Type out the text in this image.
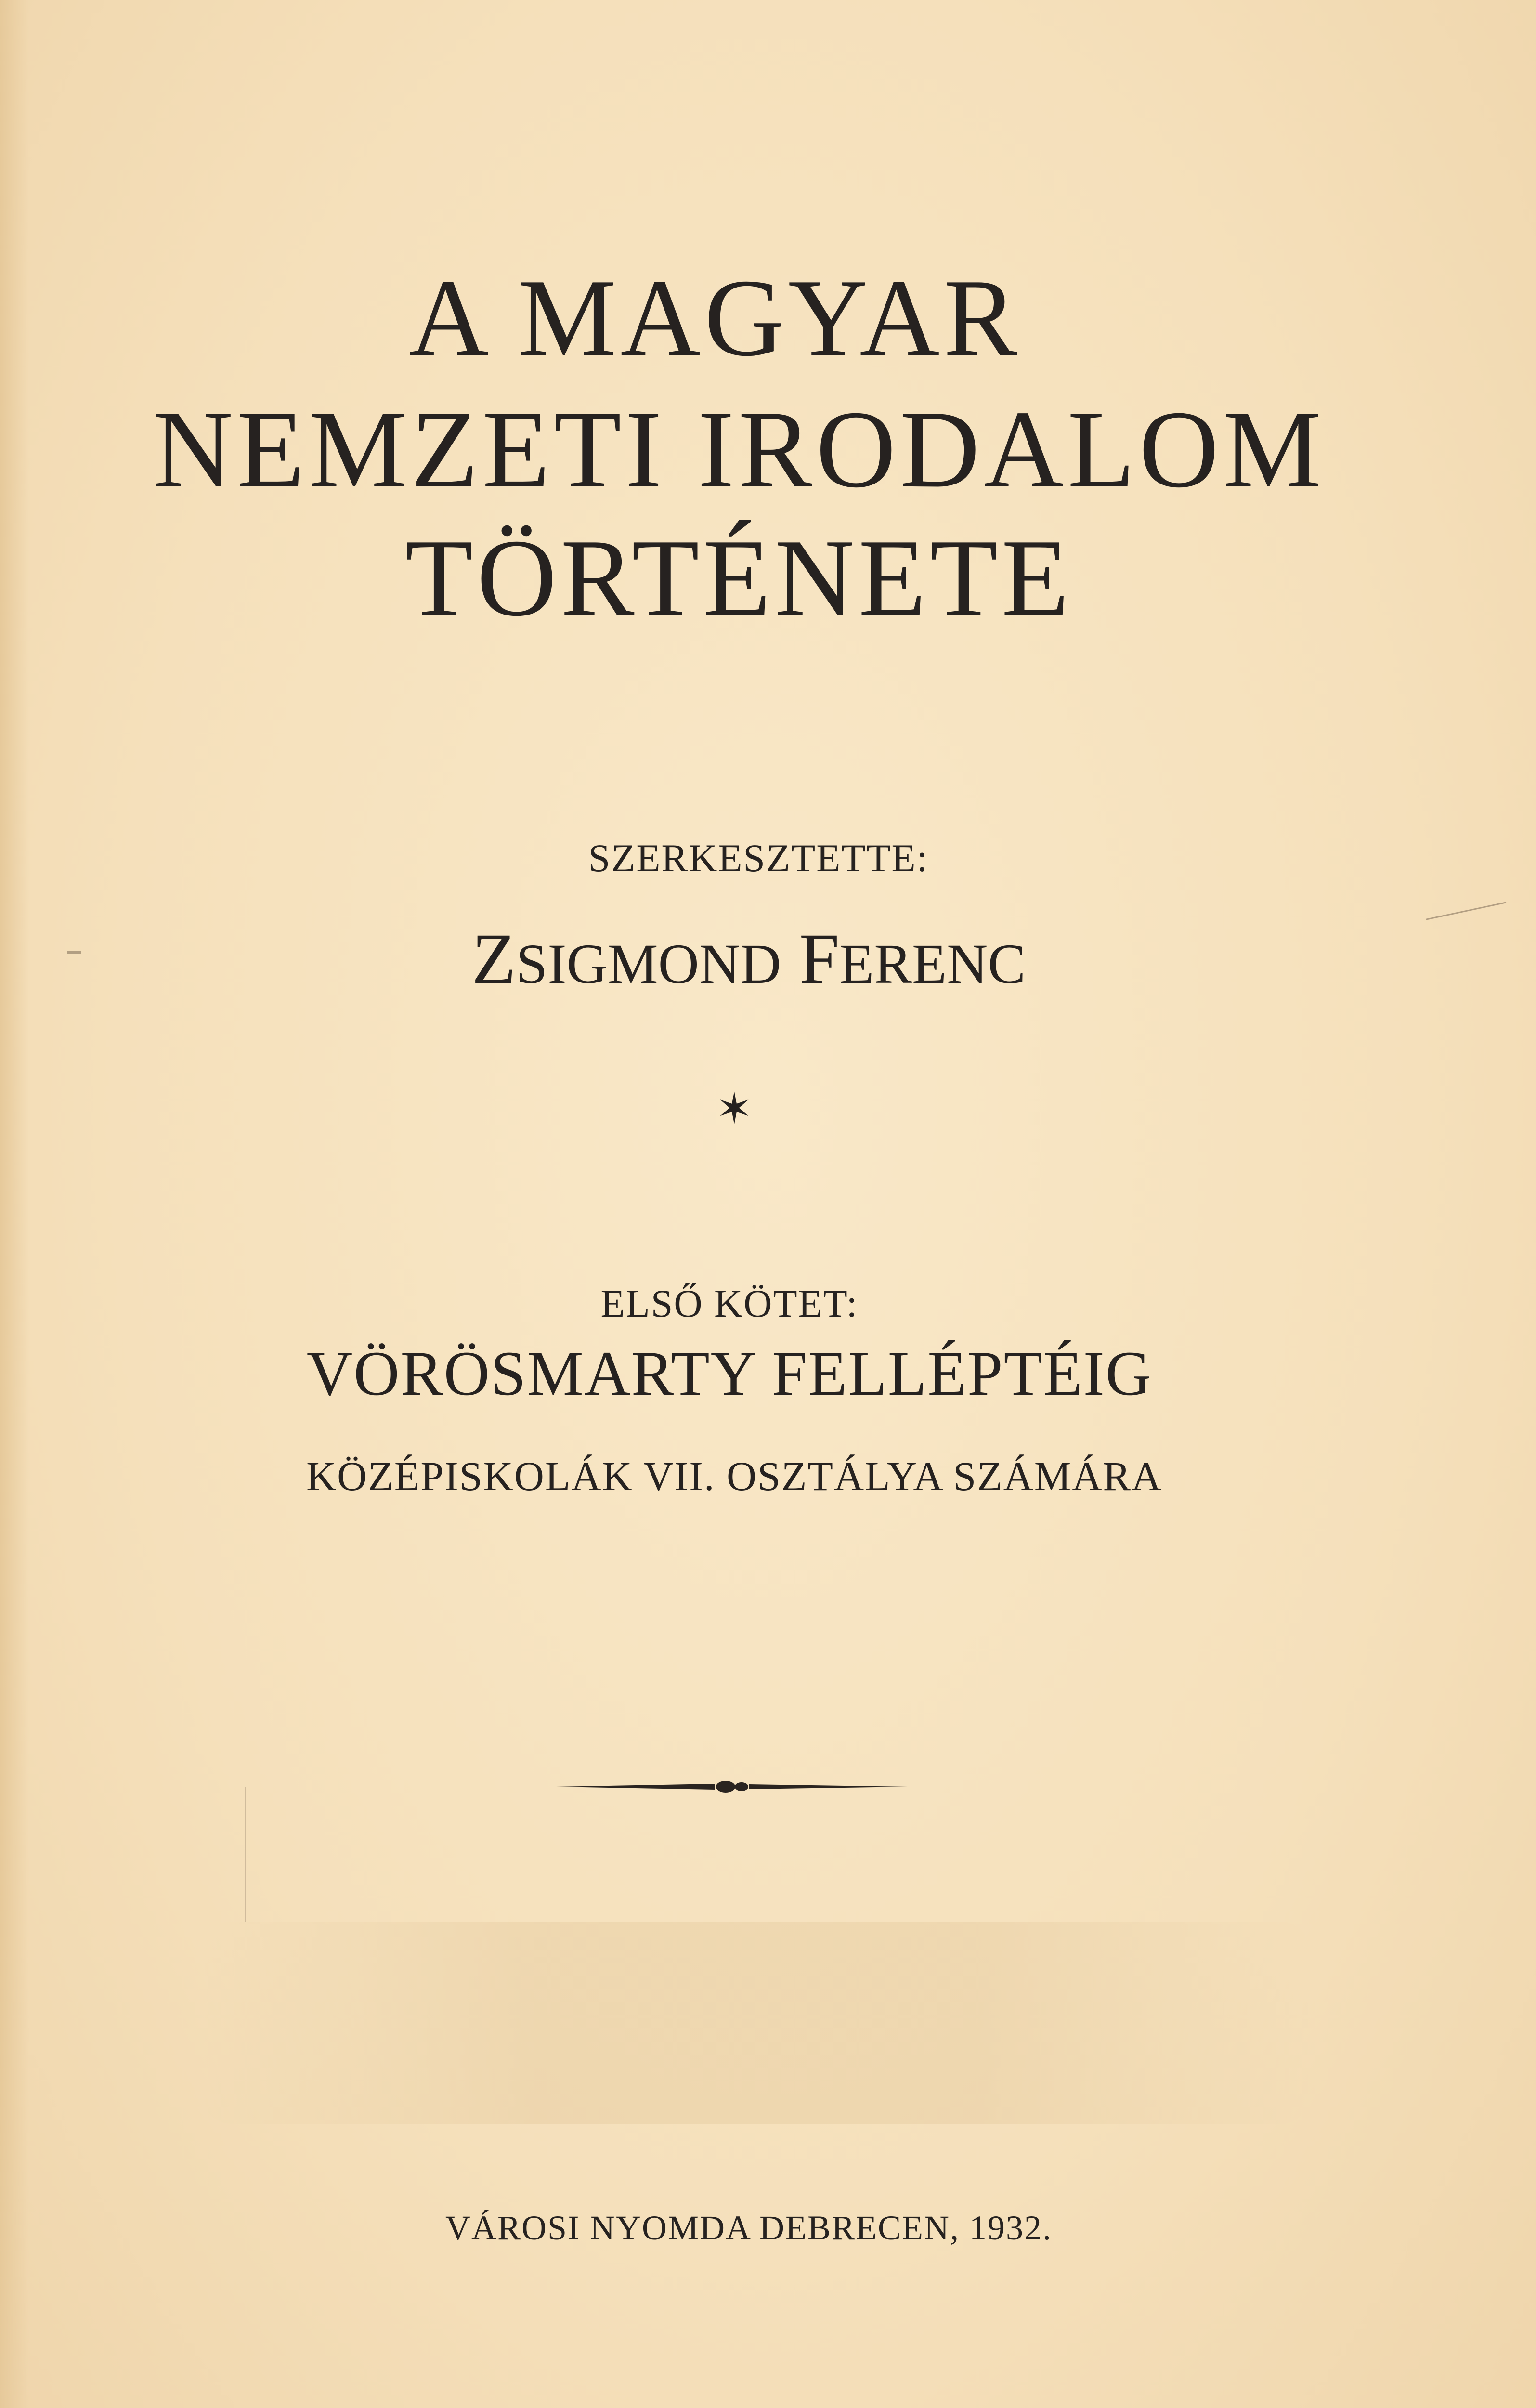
A MAGYAR
NEMZETI IRODALOM
TÖRTÉNETE
SZERKESZTETTE:
ZSIGMOND FERENC
✶
ELSŐ KÖTET:
VÖRÖSMARTY FELLÉPTÉIG
KÖZÉPISKOLÁK VII. OSZTÁLYA SZÁMÁRA
VÁROSI NYOMDA DEBRECEN, 1932.
